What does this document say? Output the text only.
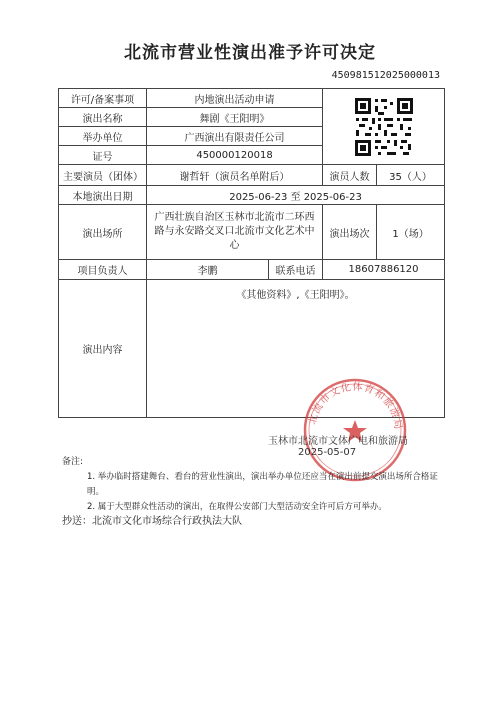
北流市营业性演出准予许可决定
450981512025000013
许可/备案事项	内地演出活动申请	

演出名称	舞剧《王阳明》			
举办单位	广西演出有限责任公司			
证号	450000120018			
主要演员（团体）	谢哲轩（演员名单附后）		演员人数	35（人）
本地演出日期	2025-06-23 至 2025-06-23			
演出场所	广西壮族自治区玉林市北流市二环西路与永安路交叉口北流市文化艺术中心		演出场次	1（场）
项目负责人	李鹏	联系电话	18607886120	
演出内容	《其他资料》,《王阳明》。			
北流市文化体育和旅游局
玉林市北流市文体广电和旅游局
2025-05-07
备注:
1. 举办临时搭建舞台、看台的营业性演出，演出举办单位还应当在演出前提交演出场所合格证明。
2. 属于大型群众性活动的演出，在取得公安部门大型活动安全许可后方可举办。
抄送：北流市文化市场综合行政执法大队
